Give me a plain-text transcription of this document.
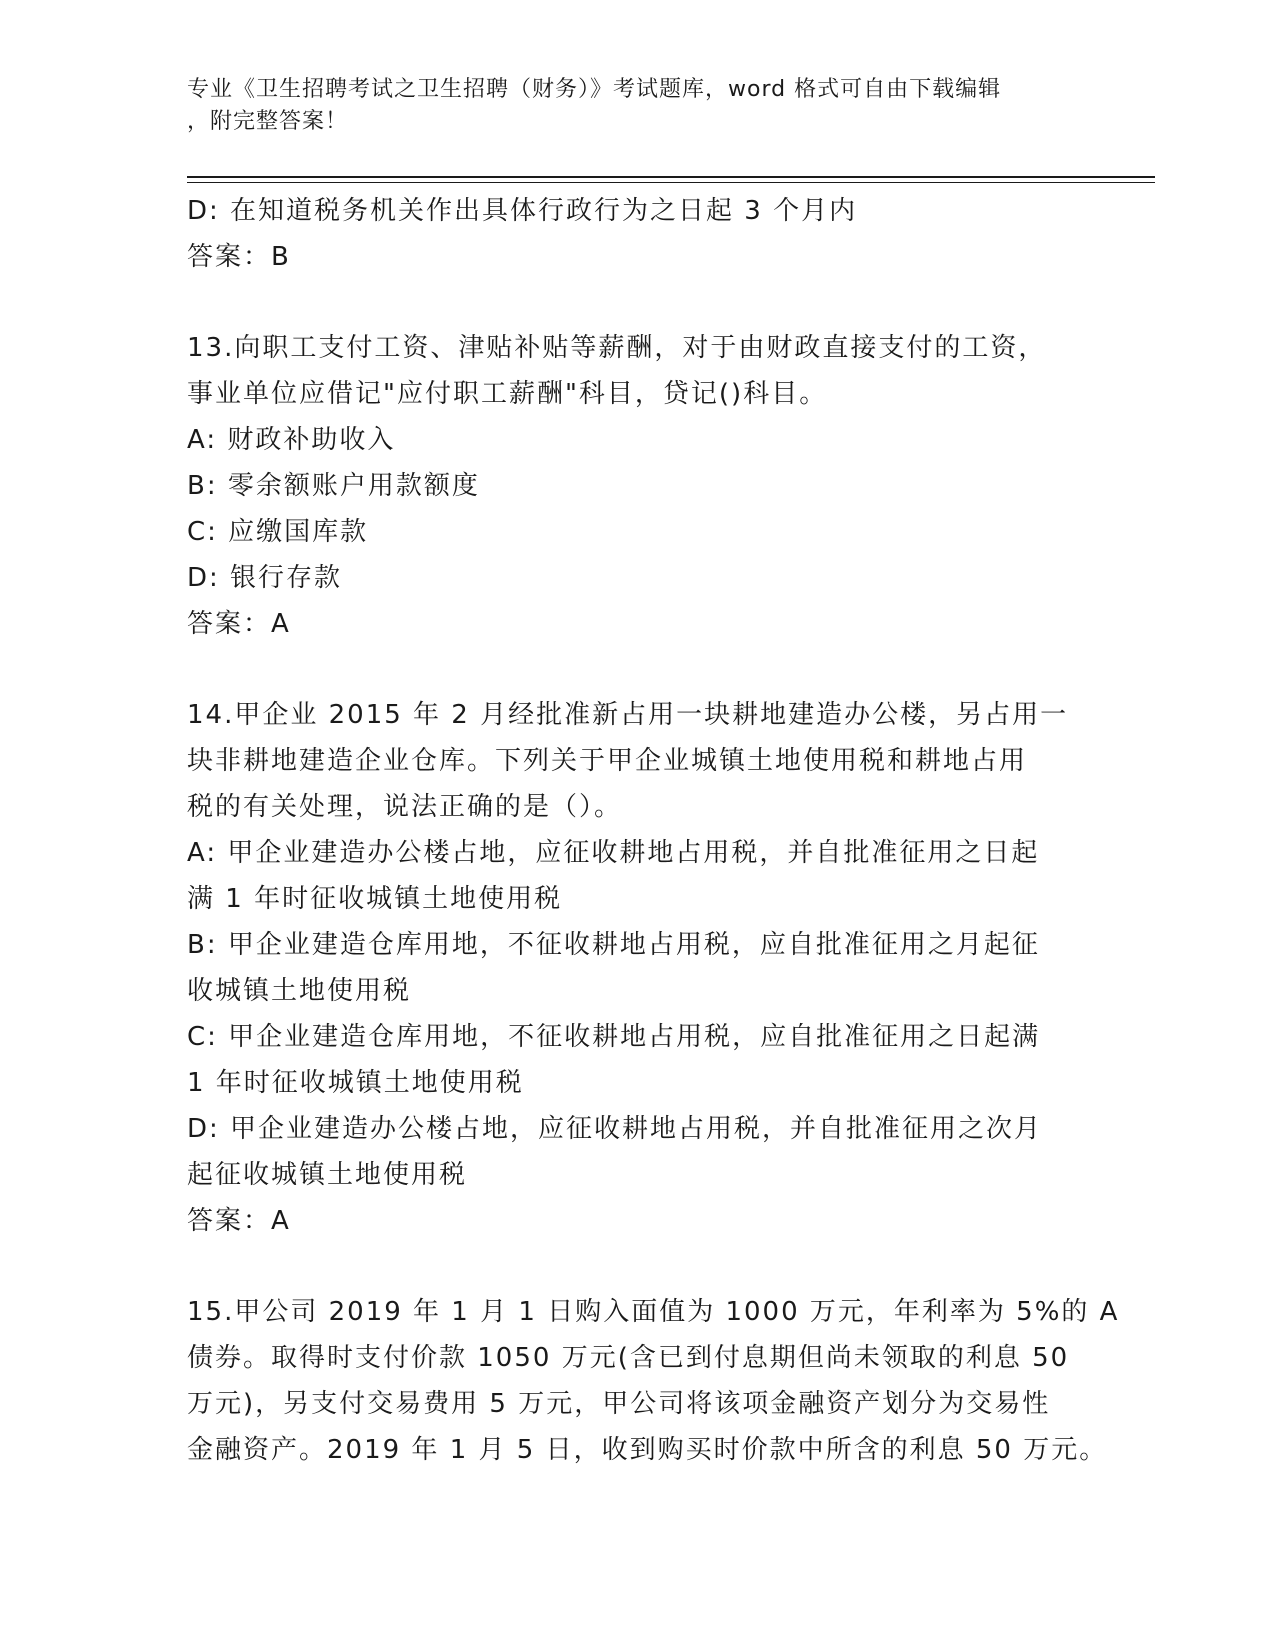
专业《卫生招聘考试之卫生招聘（财务）》考试题库，word 格式可自由下载编辑
，附完整答案！
D: 在知道税务机关作出具体行政行为之日起 3 个月内
答案：B
13.向职工支付工资、津贴补贴等薪酬，对于由财政直接支付的工资，
事业单位应借记"应付职工薪酬"科目，贷记()科目。
A: 财政补助收入
B: 零余额账户用款额度
C: 应缴国库款
D: 银行存款
答案：A
14.甲企业 2015 年 2 月经批准新占用一块耕地建造办公楼，另占用一
块非耕地建造企业仓库。下列关于甲企业城镇土地使用税和耕地占用
税的有关处理，说法正确的是（）。
A: 甲企业建造办公楼占地，应征收耕地占用税，并自批准征用之日起
满 1 年时征收城镇土地使用税
B: 甲企业建造仓库用地，不征收耕地占用税，应自批准征用之月起征
收城镇土地使用税
C: 甲企业建造仓库用地，不征收耕地占用税，应自批准征用之日起满
1 年时征收城镇土地使用税
D: 甲企业建造办公楼占地，应征收耕地占用税，并自批准征用之次月
起征收城镇土地使用税
答案：A
15.甲公司 2019 年 1 月 1 日购入面值为 1000 万元，年利率为 5%的 A
债券。取得时支付价款 1050 万元(含已到付息期但尚未领取的利息 50
万元)，另支付交易费用 5 万元，甲公司将该项金融资产划分为交易性
金融资产。2019 年 1 月 5 日，收到购买时价款中所含的利息 50 万元。
